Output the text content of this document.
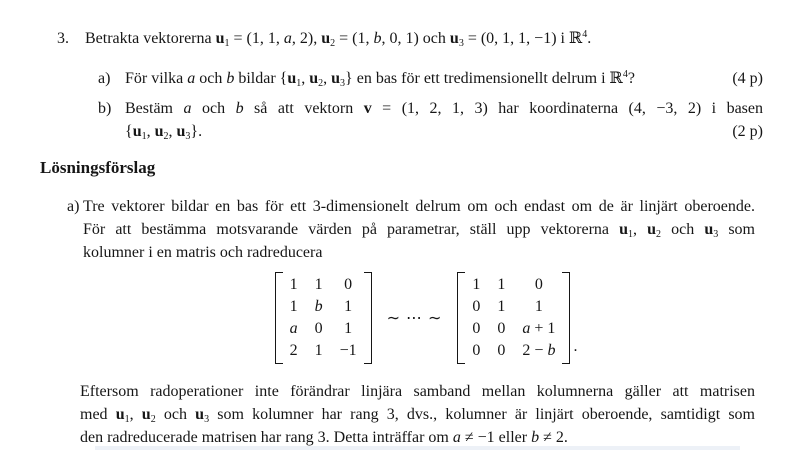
3.	Betrakta vektorerna $u_1 = (1$, 1, a, 2), $u_2 = (1$, b, 0, 1) och $u_3 = (0$, 1, 1, −1) i ℝ$^4$.
a) För vilka a och b bildar {$u_1$, $u_2$, $u_3$} en bas för ett tredimensionellt delrum i ℝ$^4$?	(4 p)
b) Bestäm a och b så att vektorn v = (1, 2, 1, 3) har koordinaterna (4, −3, 2) i basen
{$u_1$, $u_2$, $u_3$}.	(2 p)
Lösningsförslag
a) Tre vektorer bildar en bas för ett 3-dimensionelt delrum om och endast om de är linjärt oberoende.
För att bestämma motsvarande värden på parametrar, ställ upp vektorerna $u_1$, $u_2$ och $u_3$ som
kolumner i en matris och radreducera
1 1 0
1 b 1
a 0 1
2 1 −1
∼ ⋯ ∼
1 1	0
0 1	1
0 0 a + 1
0 0 2 − b .
Eftersom radoperationer inte förändrar linjära samband mellan kolumnerna gäller att matrisen
med $u_1$, $u_2$ och $u_3$ som kolumner har rang 3, dvs., kolumner är linjärt oberoende, samtidigt som
den radreducerade matrisen har rang 3. Detta inträffar om a ≠ −1 eller b ≠ 2.
